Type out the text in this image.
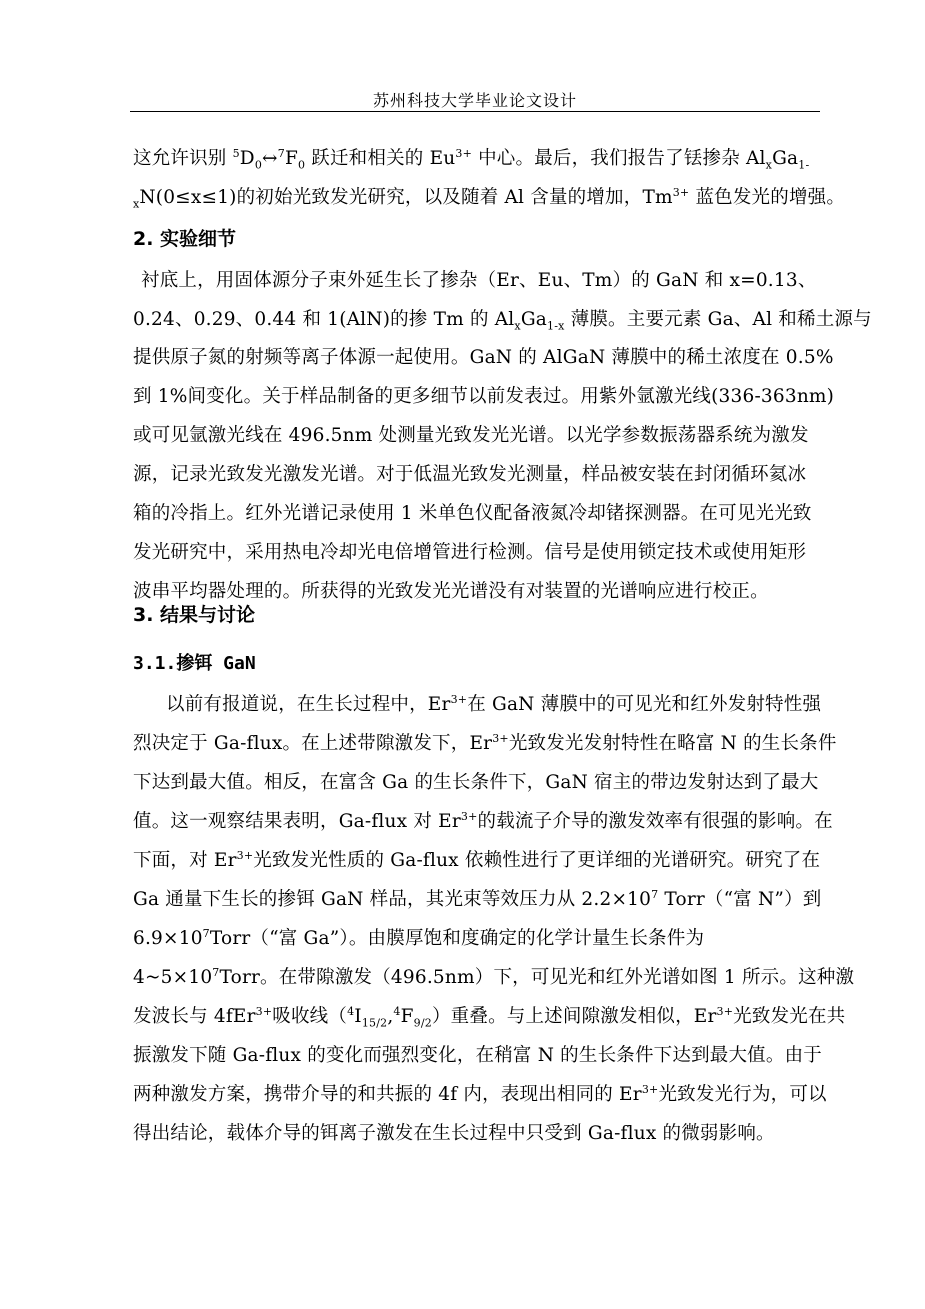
苏州科技大学毕业论文设计
这允许识别 $^5D_0\leftrightarrow^7F_0$ 跃迁和相关的 $Eu^{3+}$ 中心。最后，我们报告了铥掺杂 $Al_xGa_{1-}$
$_x$N(0≤x≤1)的初始光致发光研究，以及随着 Al 含量的增加，$Tm^{3+}$ 蓝色发光的增强。
2. 实验细节
衬底上，用固体源分子束外延生长了掺杂（Er、Eu、Tm）的 GaN 和 x=0.13、
0.24、0.29、0.44 和 1(AlN)的掺 Tm 的 $Al_xGa_{1-x}$ 薄膜。主要元素 Ga、Al 和稀土源与
提供原子氮的射频等离子体源一起使用。GaN 的 AlGaN 薄膜中的稀土浓度在 0.5%
到 1%间变化。关于样品制备的更多细节以前发表过。用紫外氩激光线(336-363nm)
或可见氩激光线在 496.5nm 处测量光致发光光谱。以光学参数振荡器系统为激发
源，记录光致发光激发光谱。对于低温光致发光测量，样品被安装在封闭循环氦冰
箱的冷指上。红外光谱记录使用 1 米单色仪配备液氮冷却锗探测器。在可见光光致
发光研究中，采用热电冷却光电倍增管进行检测。信号是使用锁定技术或使用矩形
波串平均器处理的。所获得的光致发光光谱没有对装置的光谱响应进行校正。
3. 结果与讨论
3.1.掺铒 GaN
以前有报道说，在生长过程中，$Er^{3+}$在 GaN 薄膜中的可见光和红外发射特性强
烈决定于 Ga-flux。在上述带隙激发下，$Er^{3+}$光致发光发射特性在略富 N 的生长条件
下达到最大值。相反，在富含 Ga 的生长条件下，GaN 宿主的带边发射达到了最大
值。这一观察结果表明，Ga-flux 对 $Er^{3+}$的载流子介导的激发效率有很强的影响。在
下面，对 $Er^{3+}$光致发光性质的 Ga-flux 依赖性进行了更详细的光谱研究。研究了在
Ga 通量下生长的掺铒 GaN 样品，其光束等效压力从 $2.2\times 10^7$ Torr（“富 N”）到
$6.9\times 10^7Torr(“$富 Ga”）。由膜厚饱和度确定的化学计量生长条件为
$4\sim 5\times 10^7Torr$。在带隙激发（496.5nm）下，可见光和红外光谱如图 1 所示。这种激
发波长与 4fEr$^{3+}$吸收线$(^4I_{15/2},^4F_{9/2})$重叠。与上述间隙激发相似，$Er^{3+}$光致发光在共
振激发下随 Ga-flux 的变化而强烈变化，在稍富 N 的生长条件下达到最大值。由于
两种激发方案，携带介导的和共振的 4f 内，表现出相同的 $Er^{3+}$光致发光行为，可以
得出结论，载体介导的铒离子激发在生长过程中只受到 Ga-flux 的微弱影响。
